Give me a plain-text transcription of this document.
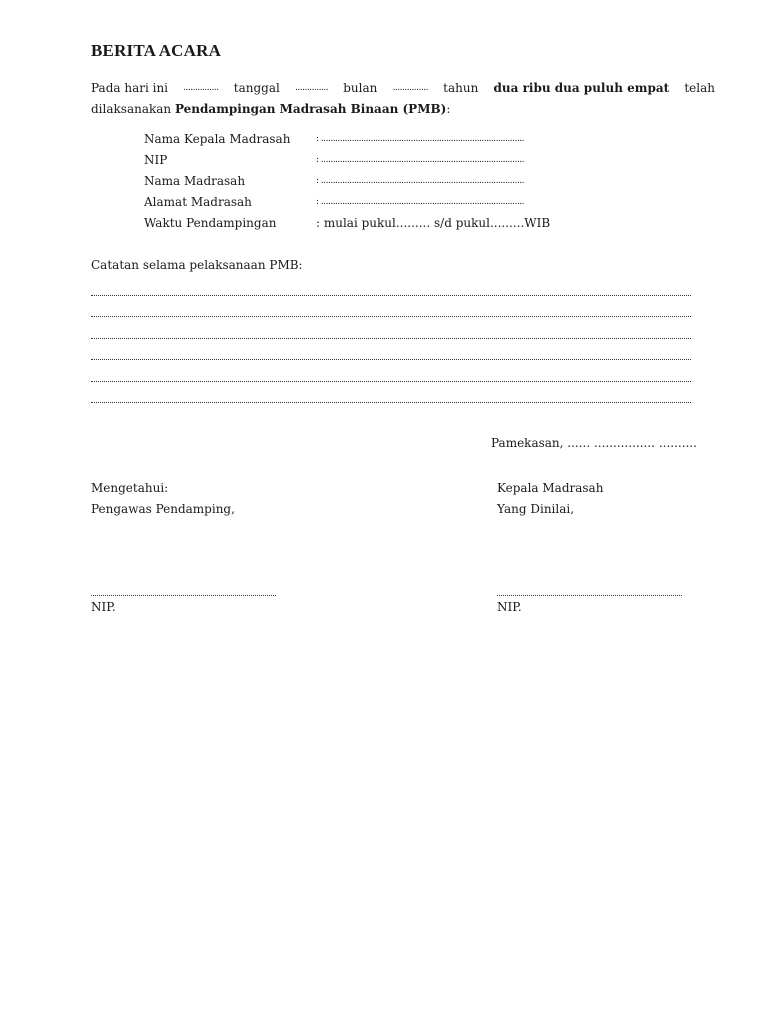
BERITA ACARA
Pada hari ini ............... tanggal .............. bulan ............... tahun dua ribu dua puluh empat telah
dilaksanakan Pendampingan Madrasah Binaan (PMB):
Nama Kepala Madrasah	: ......................................................................................
NIP	: ......................................................................................
Nama Madrasah	: ......................................................................................
Alamat Madrasah	: ......................................................................................
Waktu Pendampingan	: mulai pukul......... s/d pukul.........WIB
Catatan selama pelaksanaan PMB:
Pamekasan, ...... ................ ..........
Mengetahui:
Pengawas Pendamping,
Kepala Madrasah
Yang Dinilai,
NIP.	NIP.
